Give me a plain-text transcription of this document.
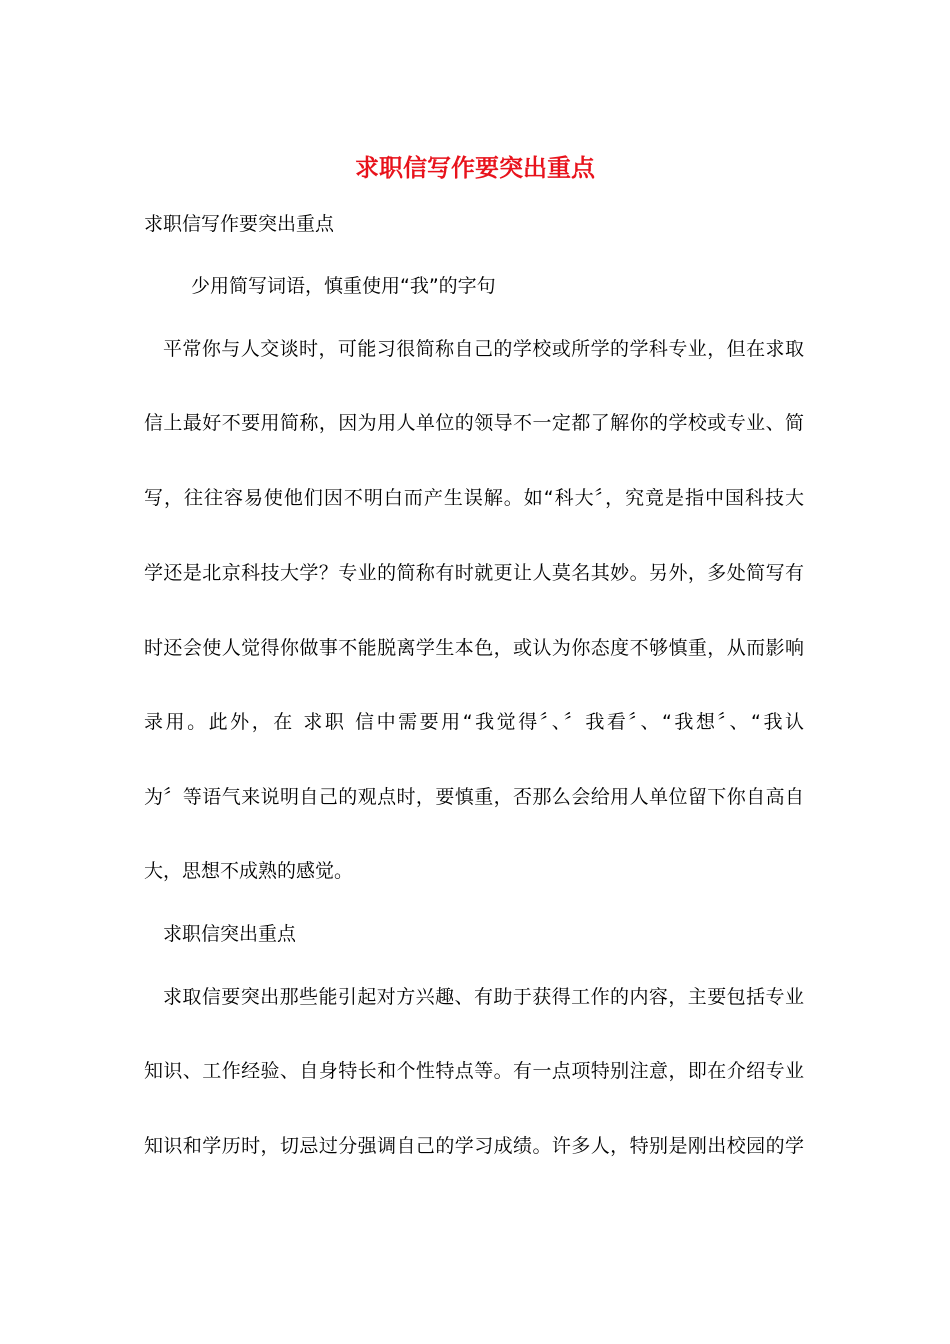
求职信写作要突出重点
求职信写作要突出重点
少用简写词语，慎重使用“我”的字句
平常你与人交谈时，可能习很简称自己的学校或所学的学科专业，但在求取
信上最好不要用简称，因为用人单位的领导不一定都了解你的学校或专业、简
写，往往容易使他们因不明白而产生误解。如“科大〞，究竟是指中国科技大
学还是北京科技大学？专业的简称有时就更让人莫名其妙。另外，多处简写有
时还会使人觉得你做事不能脱离学生本色，或认为你态度不够慎重，从而影响
录用。此外，在 求职 信中需要用“我觉得〞、〞我看〞、“我想〞、“我认
为〞等语气来说明自己的观点时，要慎重，否那么会给用人单位留下你自高自
大，思想不成熟的感觉。
求职信突出重点
求取信要突出那些能引起对方兴趣、有助于获得工作的内容，主要包括专业
知识、工作经验、自身特长和个性特点等。有一点项特别注意，即在介绍专业
知识和学历时，切忌过分强调自己的学习成绩。许多人，特别是刚出校园的学
